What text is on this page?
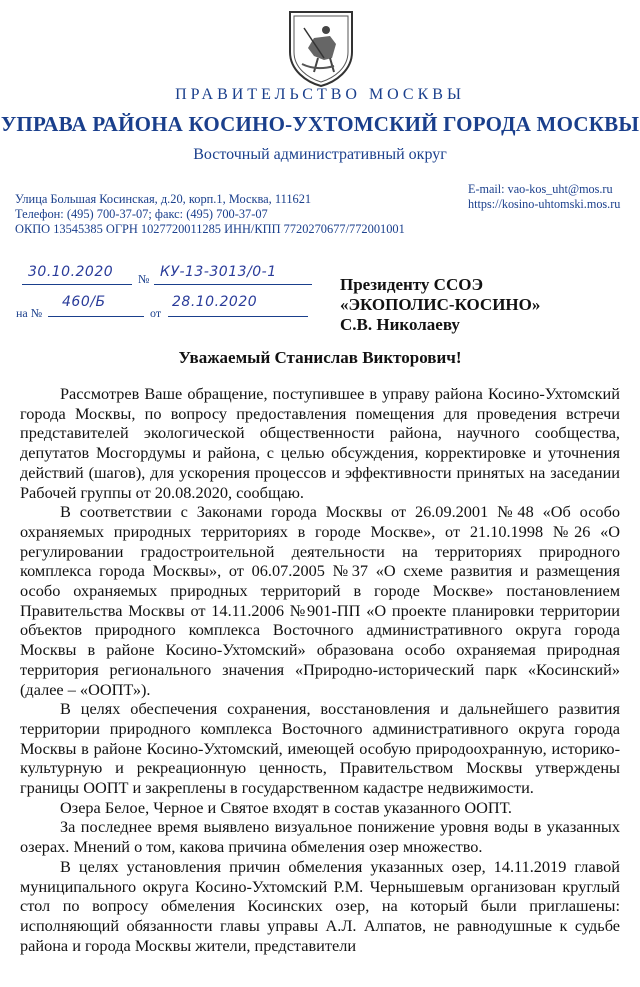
ПРАВИТЕЛЬСТВО МОСКВЫ
УПРАВА РАЙОНА КОСИНО-УХТОМСКИЙ ГОРОДА МОСКВЫ
Восточный административный округ
Улица Большая Косинская, д.20, корп.1, Москва, 111621
Телефон: (495) 700-37-07; факс: (495) 700-37-07
ОКПО 13545385 ОГРН 1027720011285 ИНН/КПП 7720270677/772001001
E-mail: vao-kos_uht@mos.ru
https://kosino-uhtomski.mos.ru
30.10.2020 № КУ-13-3013/0-1
на №
460/Б
от
28.10.2020
Президенту ССОЭ
«ЭКОПОЛИС-КОСИНО»
С.В. Николаеву
Уважаемый Станислав Викторович!

Рассмотрев Ваше обращение, поступившее в управу района Косино-Ухтомский города Москвы, по вопросу предоставления помещения для проведения встречи представителей экологической общественности района, научного сообщества, депутатов Мосгордумы и района, с целью обсуждения, корректировке и уточнения действий (шагов), для ускорения процессов и эффективности принятых на заседании Рабочей группы от 20.08.2020, сообщаю.

В соответствии с Законами города Москвы от 26.09.2001 №48 «Об особо охраняемых природных территориях в городе Москве», от 21.10.1998 №26 «О регулировании градостроительной деятельности на территориях природного комплекса города Москвы», от 06.07.2005 №37 «О схеме развития и размещения особо охраняемых природных территорий в городе Москве» постановлением Правительства Москвы от 14.11.2006 №901-ПП «О проекте планировки территории объектов природного комплекса Восточного административного округа города Москвы в районе Косино-Ухтомский» образована особо охраняемая природная территория регионального значения «Природно-исторический парк «Косинский» (далее – «ООПТ»).

В целях обеспечения сохранения, восстановления и дальнейшего развития территории природного комплекса Восточного административного округа города Москвы в районе Косино-Ухтомский, имеющей особую природоохранную, историко-культурную и рекреационную ценность, Правительством Москвы утверждены границы ООПТ и закреплены в государственном кадастре недвижимости.

Озера Белое, Черное и Святое входят в состав указанного ООПТ.

За последнее время выявлено визуальное понижение уровня воды в указанных озерах. Мнений о том, какова причина обмеления озер множество.

В целях установления причин обмеления указанных озер, 14.11.2019 главой муниципального округа Косино-Ухтомский Р.М. Чернышевым организован круглый стол по вопросу обмеления Косинских озер, на который были приглашены: исполняющий обязанности главы управы А.Л. Алпатов, не равнодушные к судьбе района и города Москвы жители, представители
